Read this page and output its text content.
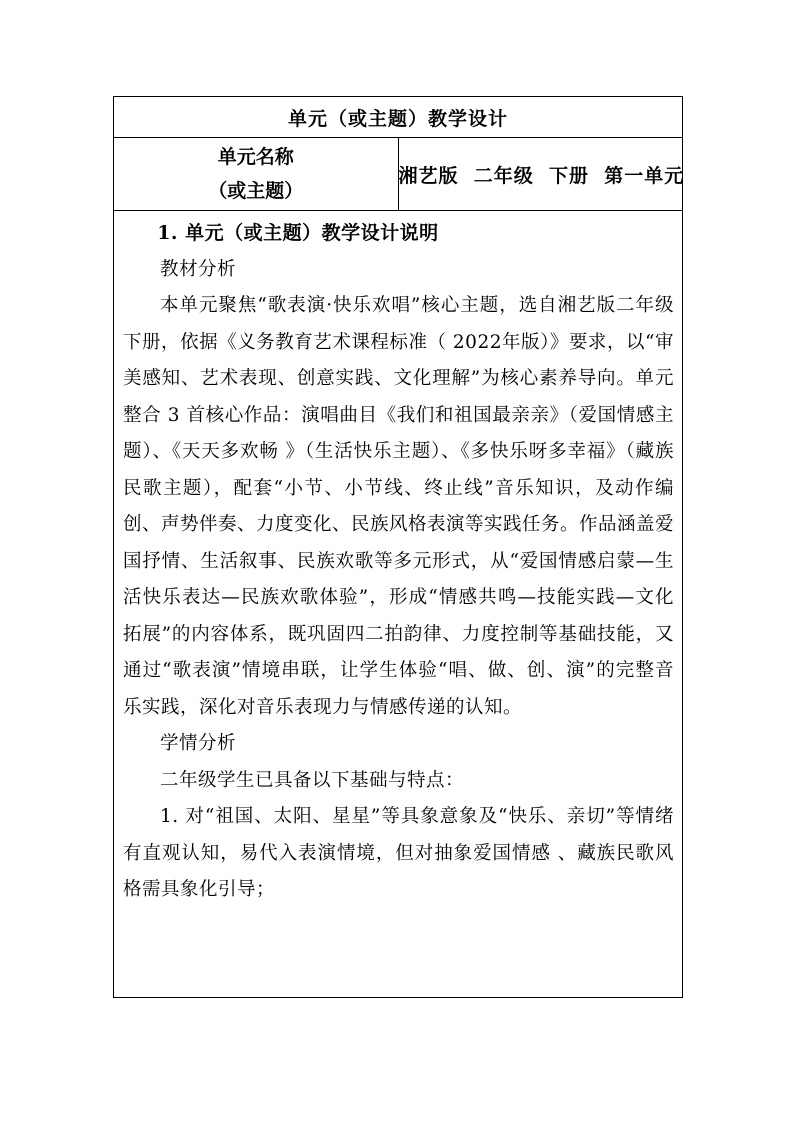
单元（或主题）教学设计

单元名称
（或主题）
	湘艺版  二年级  下册  第一单元

1. 单元（或主题）教学设计说明

教材分析

本单元聚焦“歌表演·快乐欢唱”核心主题，选自湘艺版二年级下册，依据《义务教育艺术课程标准（ 2022年版）》要求，以“审美感知、艺术表现、创意实践、文化理解”为核心素养导向。单元整合 3 首核心作品：演唱曲目《我们和祖国最亲亲》（爱国情感主题）、《天天多欢畅 》（生活快乐主题）、《多快乐呀多幸福》（藏族民歌主题），配套“小节、小节线、终止线”音乐知识，及动作编创、声势伴奏、力度变化、民族风格表演等实践任务。作品涵盖爱国抒情、生活叙事、民族欢歌等多元形式，从“爱国情感启蒙—生活快乐表达—民族欢歌体验”，形成“情感共鸣—技能实践—文化拓展”的内容体系，既巩固四二拍韵律、力度控制等基础技能，又通过“歌表演”情境串联，让学生体验“唱、做、创、演”的完整音乐实践，深化对音乐表现力与情感传递的认知。

学情分析

二年级学生已具备以下基础与特点：

1. 对“祖国、太阳、星星”等具象意象及“快乐、亲切”等情绪有直观认知，易代入表演情境，但对抽象爱国情感 、藏族民歌风格需具象化引导；
